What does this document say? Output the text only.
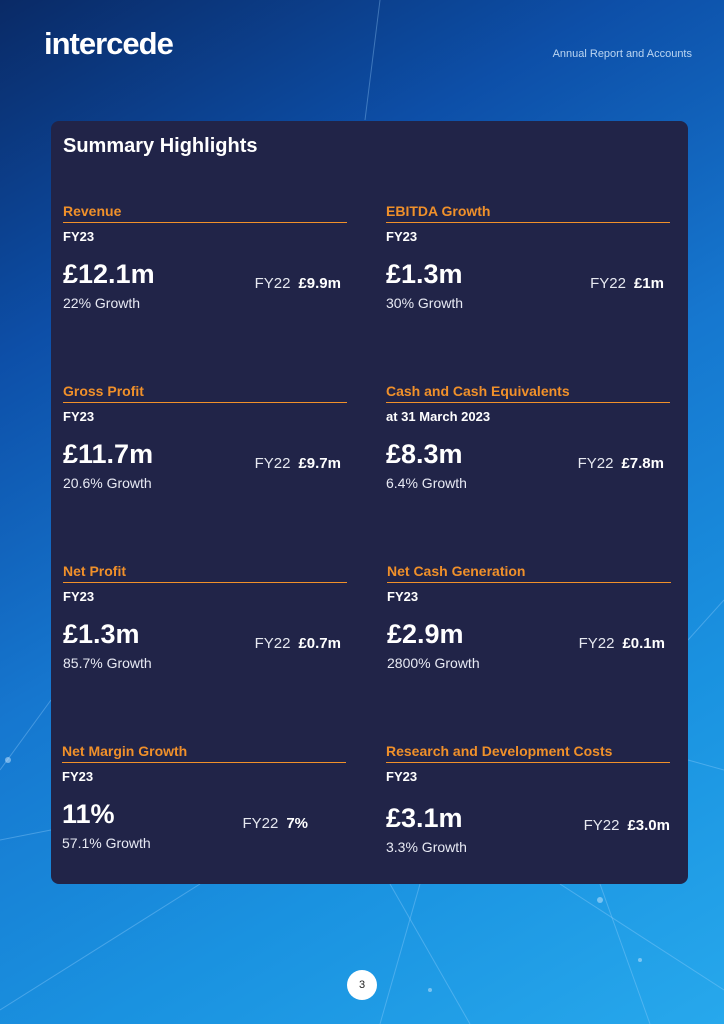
intercede	Annual Report and Accounts
Summary Highlights
Revenue
FY23
£12.1m
22% Growth
FY22 £9.9m
EBITDA Growth
FY23
£1.3m
30% Growth
FY22 £1m
Gross Profit
FY23
£11.7m
20.6% Growth
FY22 £9.7m
Cash and Cash Equivalents
at 31 March 2023
£8.3m
6.4% Growth
FY22 £7.8m
Net Profit
FY23
£1.3m
85.7% Growth
FY22 £0.7m
Net Cash Generation
FY23
£2.9m
2800% Growth
FY22 £0.1m
Net Margin Growth
FY23
11%
57.1% Growth
FY22 7%
Research and Development Costs
FY23
£3.1m
3.3% Growth
FY22 £3.0m
3
